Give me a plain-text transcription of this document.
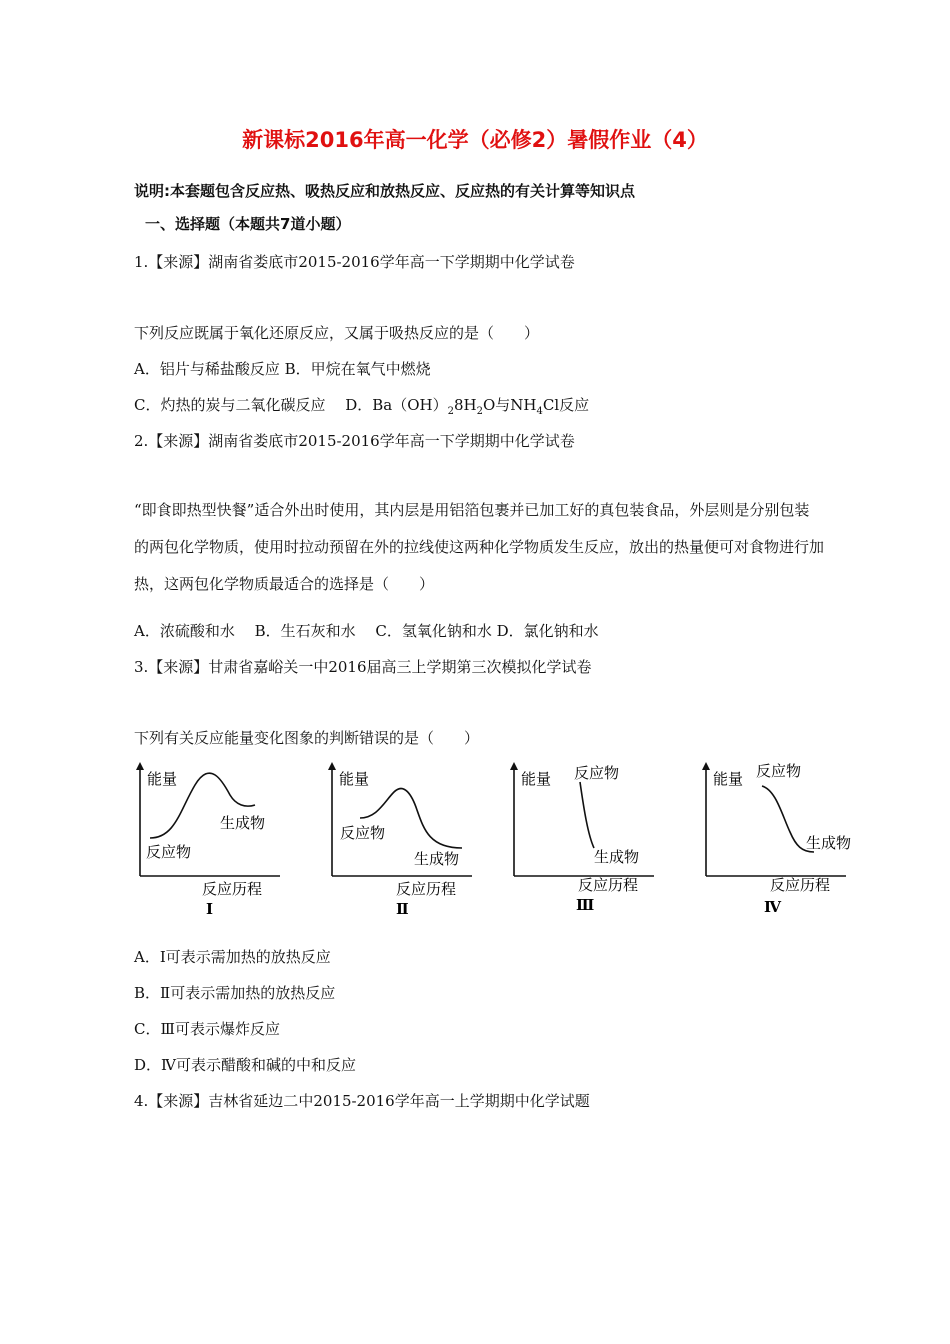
新课标2016年高一化学（必修2）暑假作业（4）
说明:本套题包含反应热、吸热反应和放热反应、反应热的有关计算等知识点
一、选择题（本题共7道小题）
1.【来源】湖南省娄底市2015-2016学年高一下学期期中化学试卷
下列反应既属于氧化还原反应，又属于吸热反应的是（　　）
A．铝片与稀盐酸反应 B．甲烷在氧气中燃烧
C．灼热的炭与二氧化碳反应　 D．$Ba(OH)_28H_2O$与$NH_4Cl$反应
2.【来源】湖南省娄底市2015-2016学年高一下学期期中化学试卷
“即食即热型快餐”适合外出时使用，其内层是用铝箔包裹并已加工好的真包装食品，外层则是分别包装的两包化学物质，使用时拉动预留在外的拉线使这两种化学物质发生反应，放出的热量便可对食物进行加热，这两包化学物质最适合的选择是（　　）
A．浓硫酸和水　 B．生石灰和水　 C．氢氧化钠和水 D．氯化钠和水
3.【来源】甘肃省嘉峪关一中2016届高三上学期第三次模拟化学试卷
下列有关反应能量变化图象的判断错误的是（　　）
能量
生成物
反应物
反应历程
Ⅰ
能量
反应物
生成物
反应历程
Ⅱ
能量 反应物
生成物
反应历程
Ⅲ
能量 反应物
生成物
反应历程
Ⅳ
A．Ⅰ可表示需加热的放热反应
B．Ⅱ可表示需加热的放热反应
C．Ⅲ可表示爆炸反应
D．Ⅳ可表示醋酸和碱的中和反应
4.【来源】吉林省延边二中2015-2016学年高一上学期期中化学试题
